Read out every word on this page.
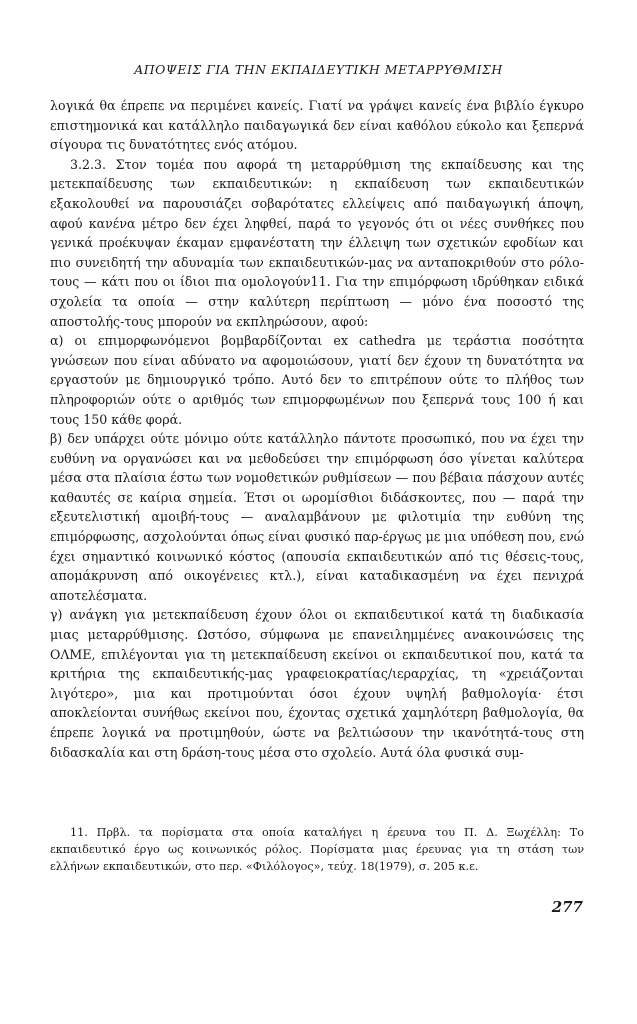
ΑΠΟΨΕΙΣ ΓΙΑ ΤΗΝ ΕΚΠΑΙΔΕΥΤΙΚΗ ΜΕΤΑΡΡΥΘΜΙΣΗ

λογικά θα έπρεπε να περιμένει κανείς. Γιατί να γράψει κανείς ένα βιβλίο έγκυρο επιστημονικά και κατάλληλο παιδαγωγικά δεν είναι καθόλου εύκολο και ξεπερνά σίγουρα τις δυνατότητες ενός ατόμου.

3.2.3. Στον τομέα που αφορά τη μεταρρύθμιση της εκπαίδευσης και της μετεκπαίδευσης των εκπαιδευτικών: η εκπαίδευση των εκπαιδευτικών εξακολουθεί να παρουσιάζει σοβαρότατες ελλείψεις από παιδαγωγική άποψη, αφού κανένα μέτρο δεν έχει ληφθεί, παρά το γεγονός ότι οι νέες συνθήκες που γενικά προέκυψαν έκαμαν εμφανέστατη την έλλειψη των σχετικών εφοδίων και πιο συνειδητή την αδυναμία των εκπαιδευτικών-μας να ανταποκριθούν στο ρόλο-τους — κάτι που οι ίδιοι πια ομολογούν11. Για την επιμόρφωση ιδρύθηκαν ειδικά σχολεία τα οποία — στην καλύτερη περίπτωση — μόνο ένα ποσοστό της αποστολής-τους μπορούν να εκπληρώσουν, αφού:

α) οι επιμορφωνόμενοι βομβαρδίζονται ex cathedra με τεράστια ποσότητα γνώσεων που είναι αδύνατο να αφομοιώσουν, γιατί δεν έχουν τη δυνατότητα να εργαστούν με δημιουργικό τρόπο. Αυτό δεν το επιτρέπουν ούτε το πλήθος των πληροφοριών ούτε ο αριθμός των επιμορφωμένων που ξεπερνά τους 100 ή και τους 150 κάθε φορά.

β) δεν υπάρχει ούτε μόνιμο ούτε κατάλληλο πάντοτε προσωπικό, που να έχει την ευθύνη να οργανώσει και να μεθοδεύσει την επιμόρφωση όσο γίνεται καλύτερα μέσα στα πλαίσια έστω των νομοθετικών ρυθμίσεων — που βέβαια πάσχουν αυτές καθαυτές σε καίρια σημεία. Έτσι οι ωρομίσθιοι διδάσκοντες, που — παρά την εξευτελιστική αμοιβή-τους — αναλαμβάνουν με φιλοτιμία την ευθύνη της επιμόρφωσης, ασχολούνται όπως είναι φυσικό παρ-έργως με μια υπόθεση που, ενώ έχει σημαντικό κοινωνικό κόστος (απουσία εκπαιδευτικών από τις θέσεις-τους, απομάκρυνση από οικογένειες κτλ.), είναι καταδικασμένη να έχει πενιχρά αποτελέσματα.

γ) ανάγκη για μετεκπαίδευση έχουν όλοι οι εκπαιδευτικοί κατά τη διαδικασία μιας μεταρρύθμισης. Ωστόσο, σύμφωνα με επανειλημμένες ανακοινώσεις της ΟΛΜΕ, επιλέγονται για τη μετεκπαίδευση εκείνοι οι εκπαιδευτικοί που, κατά τα κριτήρια της εκπαιδευτικής-μας γραφειοκρατίας/ιεραρχίας, τη «χρειάζονται λιγότερο», μια και προτιμούνται όσοι έχουν υψηλή βαθμολογία· έτσι αποκλείονται συνήθως εκείνοι που, έχοντας σχετικά χαμηλότερη βαθμολογία, θα έπρεπε λογικά να προτιμηθούν, ώστε να βελτιώσουν την ικανότητά-τους στη διδασκαλία και στη δράση-τους μέσα στο σχολείο. Αυτά όλα φυσικά συμ-

11. Πρβλ. τα πορίσματα στα οποία καταλήγει η έρευνα του Π. Δ. Ξωχέλλη: Το εκπαιδευτικό έργο ως κοινωνικός ρόλος. Πορίσματα μιας έρευνας για τη στάση των ελλήνων εκπαιδευτικών, στο περ. «Φιλόλογος», τεύχ. 18(1979), σ. 205 κ.ε.

277
